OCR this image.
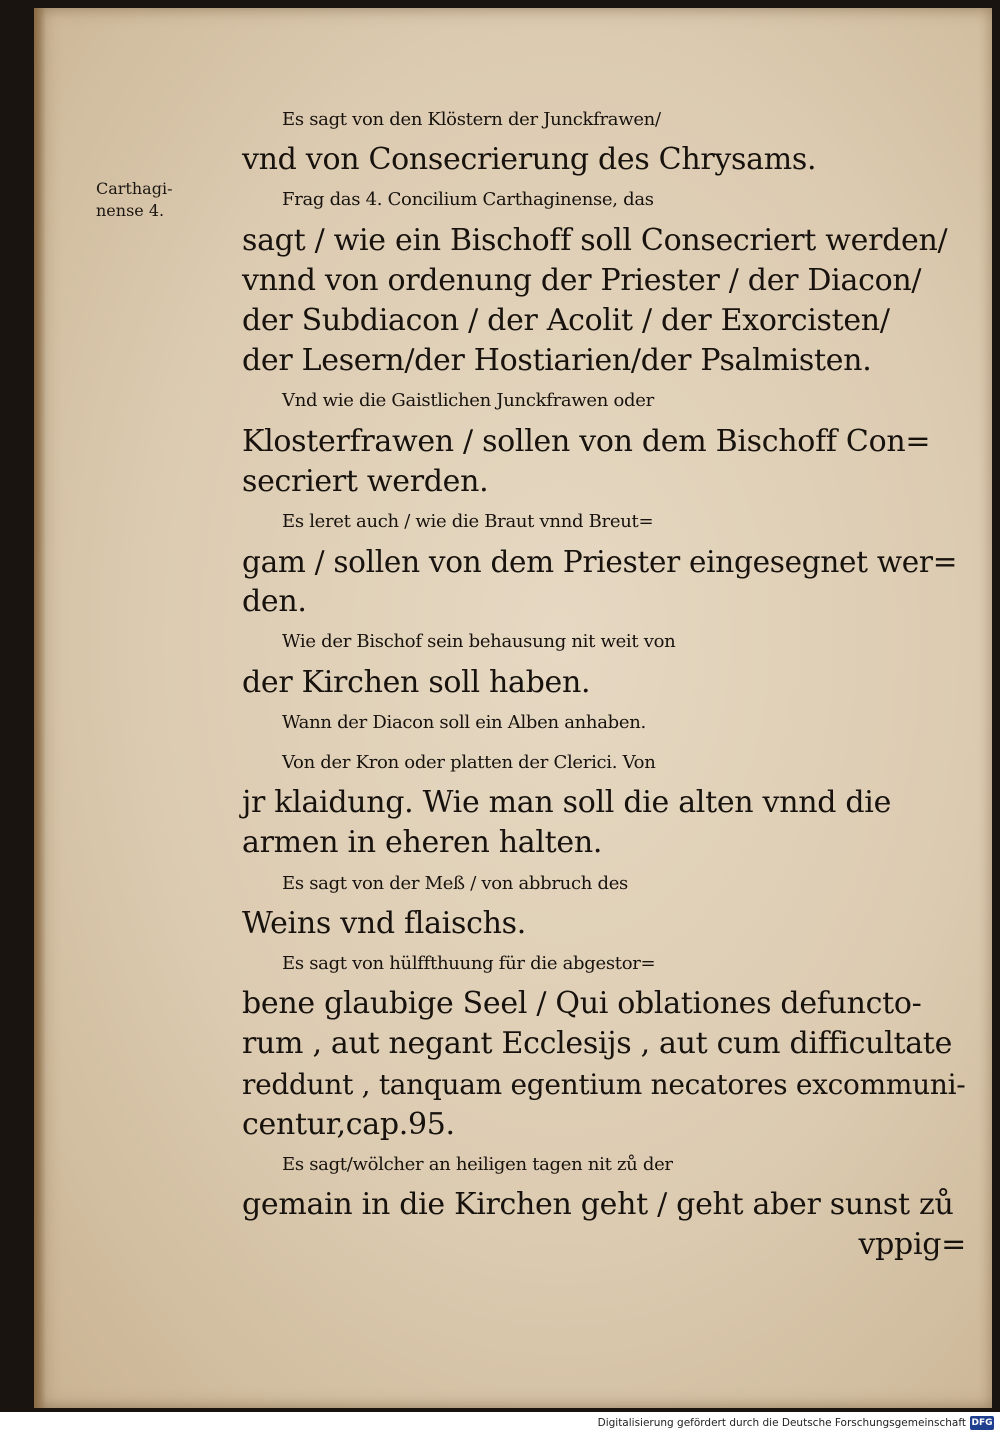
Carthagi-
nense 4.
Es sagt von den Klöstern der Junckfrawen/
vnd von Consecrierung des Chrysams.
Frag das 4. Concilium Carthaginense, das
sagt / wie ein Bischoff soll Consecriert werden/
vnnd von ordenung der Priester / der Diacon/
der Subdiacon / der Acolit / der Exorcisten/
der Lesern/der Hostiarien/der Psalmisten.
Vnd wie die Gaistlichen Junckfrawen oder
Klosterfrawen / sollen von dem Bischoff Con=
secriert werden.
Es leret auch / wie die Braut vnnd Breut=
gam / sollen von dem Priester eingesegnet wer=
den.
Wie der Bischof sein behausung nit weit von
der Kirchen soll haben.
Wann der Diacon soll ein Alben anhaben.
Von der Kron oder platten der Clerici. Von
jr klaidung. Wie man soll die alten vnnd die
armen in eheren halten.
Es sagt von der Meß / von abbruch des
Weins vnd flaischs.
Es sagt von hülffthuung für die abgestor=
bene glaubige Seel / Qui oblationes defuncto-
rum , aut negant Ecclesijs , aut cum difficultate
reddunt , tanquam egentium necatores excommuni-
centur,cap.95.
Es sagt/wölcher an heiligen tagen nit zů der
gemain in die Kirchen geht / geht aber sunst zů
vppig=
Digitalisierung gefördert durch die Deutsche Forschungsgemeinschaft DFG
